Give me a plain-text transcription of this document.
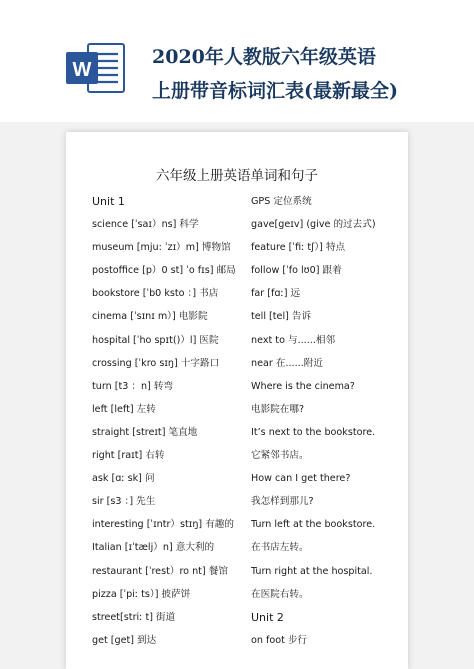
W
2020年人教版六年级英语
上册带音标词汇表(最新最全)
六年级上册英语单词和句子
Unit 1
science [ˈsaɪ）ns] 科学
museum [mju: ˈzɪ）m] 博物馆
postoffice [p）0 st] ˈo fɪs] 邮局
bookstore [ˈb0 ksto ：] 书店
cinema [ˈsɪnɪ m）] 电影院
hospital [ˈho spɪt()）l] 医院
crossing [ˈkro sɪŋ] 十字路口
turn [t3 ：n] 转弯
left [left] 左转
straight [streɪt] 笔直地
right [raɪt] 右转
ask [ɑː sk] 问
sir [s3 ：] 先生
interesting [ˈɪntr）stɪŋ] 有趣的
Italian [ɪˈtælj）n] 意大利的
restaurant [ˈrest）ro nt] 餐馆
pizza [ˈpiː ts）] 披萨饼
street[striː t] 街道
get [get] 到达
GPS 定位系统
gave[geɪv] (give 的过去式)
feature [ˈfiː tʃ）] 特点
follow [ˈfo lʊ0] 跟着
far [fɑː] 远
tell [tel] 告诉
next to 与......相邻
near 在......附近
Where is the cinema?
电影院在哪?
It’s next to the bookstore.
它紧邻书店。
How can I get there?
我怎样到那儿?
Turn left at the bookstore.
在书店左转。
Turn right at the hospital.
在医院右转。
Unit 2
on foot 步行
